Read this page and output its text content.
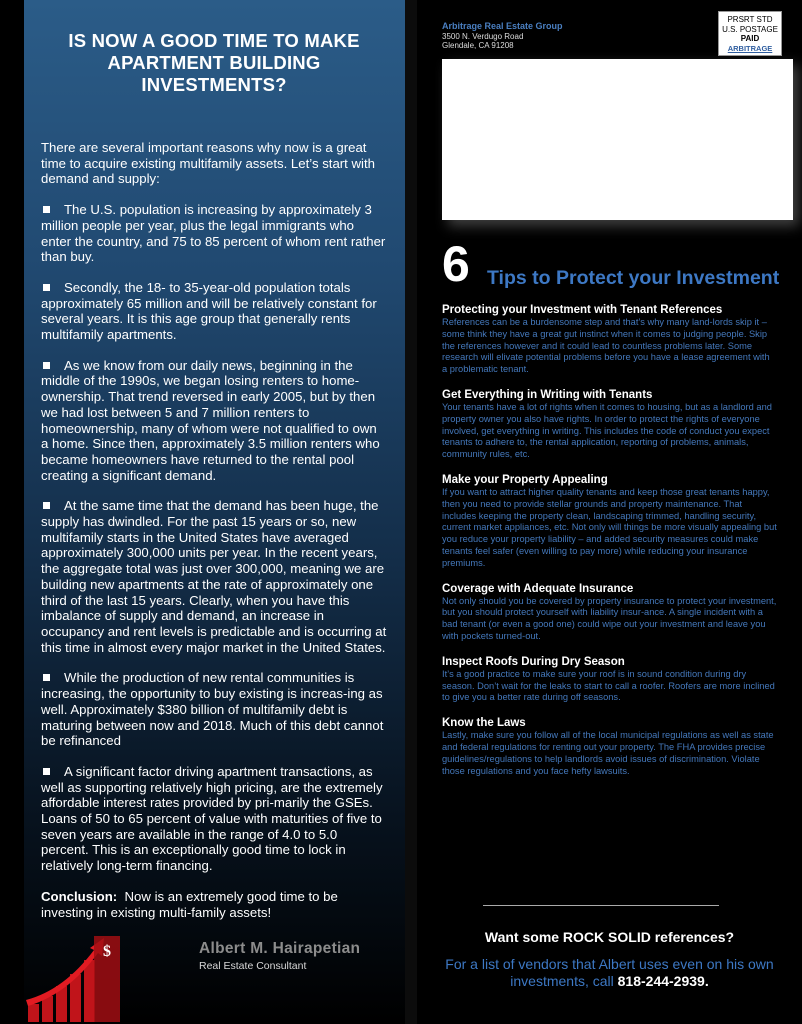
IS NOW A GOOD TIME TO MAKE APARTMENT BUILDING INVESTMENTS?

There are several important reasons why now is a great time to acquire existing multifamily assets. Let’s start with demand and supply:

The U.S. population is increasing by approximately 3 million people per year, plus the legal immigrants who enter the country, and 75 to 85 percent of whom rent rather than buy.

Secondly, the 18- to 35-year-old population totals approximately 65 million and will be relatively constant for several years. It is this age group that generally rents multifamily apartments.

As we know from our daily news, beginning in the middle of the 1990s, we began losing renters to home-ownership. That trend reversed in early 2005, but by then we had lost between 5 and 7 million renters to homeownership, many of whom were not qualified to own a home. Since then, approximately 3.5 million renters who became homeowners have returned to the rental pool creating a significant demand.

At the same time that the demand has been huge, the supply has dwindled. For the past 15 years or so, new multifamily starts in the United States have averaged approximately 300,000 units per year. In the recent years, the aggregate total was just over 300,000, meaning we are building new apartments at the rate of approximately one third of the last 15 years. Clearly, when you have this imbalance of supply and demand, an increase in occupancy and rent levels is predictable and is occurring at this time in almost every major market in the United States.

While the production of new rental communities is increasing, the opportunity to buy existing is increas-ing as well. Approximately $380 billion of multifamily debt is maturing between now and 2018. Much of this debt cannot be refinanced

A significant factor driving apartment transactions, as well as supporting relatively high pricing, are the extremely affordable interest rates provided by pri-marily the GSEs. Loans of 50 to 65 percent of value with maturities of five to seven years are available in the range of 4.0 to 5.0 percent. This is an exceptionally good time to lock in relatively long-term financing.

Conclusion: Now is an extremely good time to be investing in existing multi-family assets!

$	Albert M. Hairapetian
Real Estate Consultant
Arbitrage Real Estate Group
3500 N. Verdugo Road
Glendale, CA 91208
PRSRT STD
U.S. POSTAGE
PAID
ARBITRAGE
6 Tips to Protect your Investment
Protecting your Investment with Tenant References
References can be a burdensome step and that’s why many land-lords skip it – some think they have a great gut instinct when it comes to judging people. Skip the references however and it could lead to countless problems later. Some research will elivate potential problems before you have a lease agreement with a problematic tenant.
Get Everything in Writing with Tenants
Your tenants have a lot of rights when it comes to housing, but as a landlord and property owner you also have rights. In order to protect the rights of everyone involved, get everything in writing. This includes the code of conduct you expect tenants to adhere to, the rental application, reporting of problems, animals, community rules, etc.
Make your Property Appealing
If you want to attract higher quality tenants and keep those great tenants happy, then you need to provide stellar grounds and property maintenance. That includes keeping the property clean, landscaping trimmed, handling security, current market appliances, etc. Not only will things be more visually appealing but you reduce your property liability – and added security measures could make tenants feel safer (even willing to pay more) while reducing your insurance premiums.
Coverage with Adequate Insurance
Not only should you be covered by property insurance to protect your investment, but you should protect yourself with liability insur-ance. A single incident with a bad tenant (or even a good one) could wipe out your investment and leave you with pockets turned-out.
Inspect Roofs During Dry Season
It’s a good practice to make sure your roof is in sound condition during dry season. Don’t wait for the leaks to start to call a roofer. Roofers are more inclined to give you a better rate during off seasons.
Know the Laws
Lastly, make sure you follow all of the local municipal regulations as well as state and federal regulations for renting out your property. The FHA provides precise guidelines/regulations to help landlords avoid issues of discrimination. Violate those regulations and you face hefty lawsuits.
Want some ROCK SOLID references?
For a list of vendors that Albert uses even on his own investments, call 818-244-2939.
